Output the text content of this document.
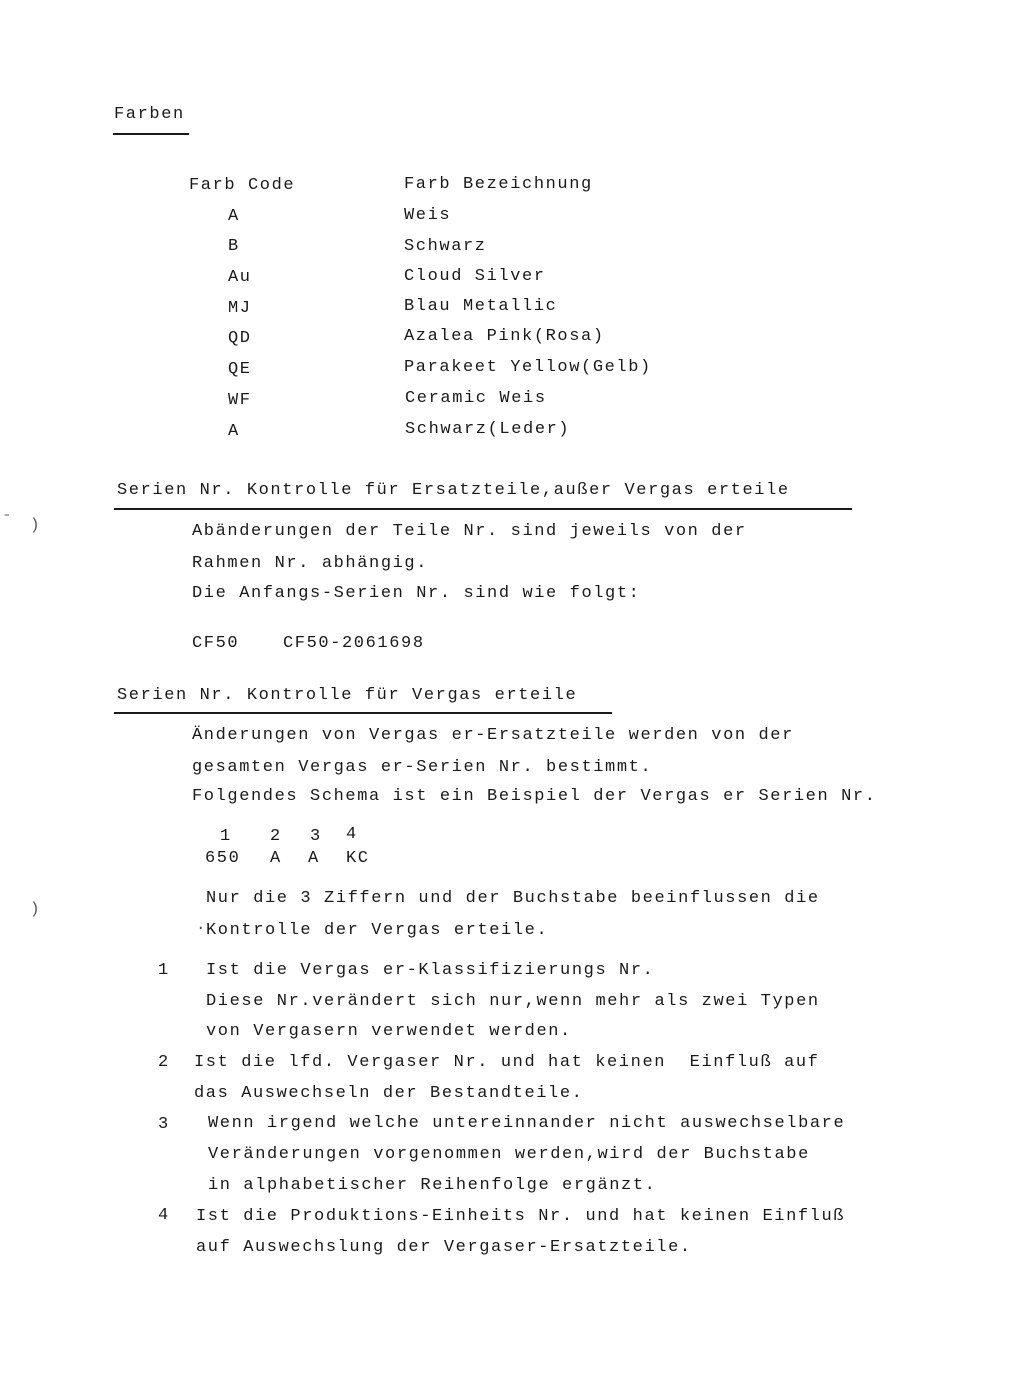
Farben
Farb Code	Farb Bezeichnung
A	Weis
B	Schwarz
Au	Cloud Silver
MJ	Blau Metallic
QD	Azalea Pink(Rosa)
QE	Parakeet Yellow(Gelb)
WF	Ceramic Weis
A	Schwarz(Leder)
Serien Nr. Kontrolle für Ersatzteile,außer Vergas erteile
Abänderungen der Teile Nr. sind jeweils von der
Rahmen Nr. abhängig.
Die Anfangs-Serien Nr. sind wie folgt:
CF50	CF50-2061698
Serien Nr. Kontrolle für Vergas erteile
Änderungen von Vergas er-Ersatzteile werden von der
gesamten Vergas er-Serien Nr. bestimmt.
Folgendes Schema ist ein Beispiel der Vergas er Serien Nr.
1 2 3 4
650 A A KC
Nur die 3 Ziffern und der Buchstabe beeinflussen die
· Kontrolle der Vergas erteile.
1 Ist die Vergas er-Klassifizierungs Nr.
Diese Nr.verändert sich nur,wenn mehr als zwei Typen
von Vergasern verwendet werden.
2 Ist die lfd. Vergaser Nr. und hat keinen  Einfluß auf
das Auswechseln der Bestandteile.
3 Wenn irgend welche untereinnander nicht auswechselbare
Veränderungen vorgenommen werden,wird der Buchstabe
in alphabetischer Reihenfolge ergänzt.
4 Ist die Produktions-Einheits Nr. und hat keinen Einfluß
auf Auswechslung der Vergaser-Ersatzteile.
ˉ )
)
